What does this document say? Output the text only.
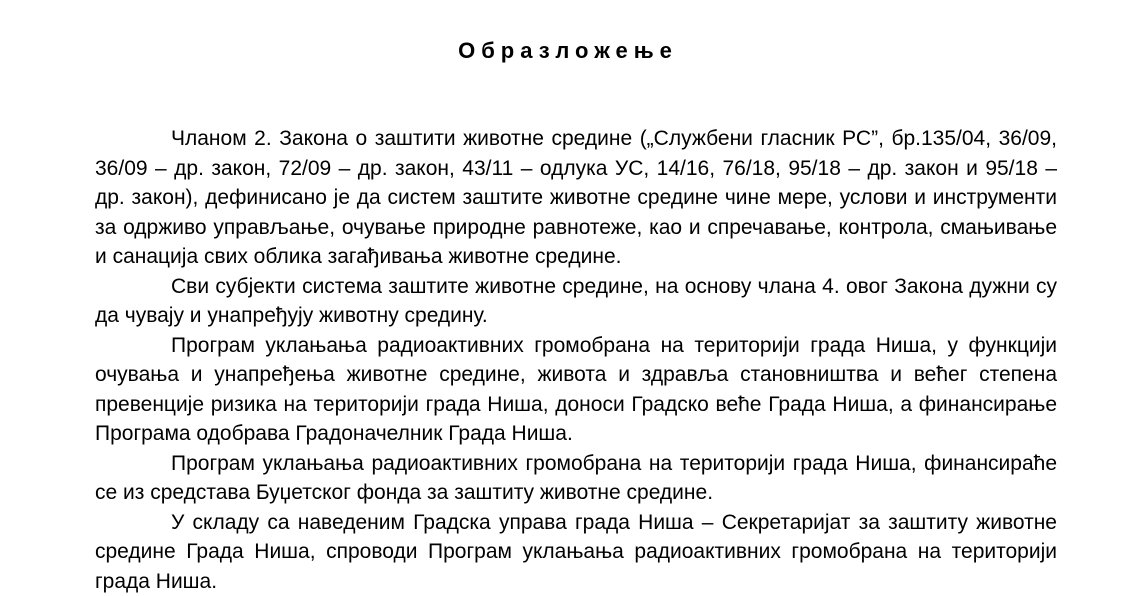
Образложење

Чланом 2. Закона о заштити животне средине („Службени гласник РС”, бр.135/04, 36/09, 36/09 – др. закон, 72/09 – др. закон, 43/11 – одлука УС, 14/16, 76/18, 95/18 – др. закон и 95/18 – др. закон), дефинисано је да систем заштите животне средине чине мере, услови и инструменти за одрживо управљање, очување природне равнотеже, као и спречавање, контрола, смањивање и санација свих облика загађивања животне средине.

Сви субјекти система заштите животне средине, на основу члана 4. овог Закона дужни су да чувају и унапређују животну средину.

Програм уклањања радиоактивних громобрана на територији града Ниша, у функцији очувања и унапређења животне средине, живота и здравља становништва и већег степена превенције ризика на територији града Ниша, доноси Градско веће Града Ниша, а финансирање Програма одобрава Градоначелник Града Ниша.

Програм уклањања радиоактивних громобрана на територији града Ниша, финансираће се из средстава Буџетског фонда за заштиту животне средине.

У складу са наведеним Градска управа града Ниша – Секретаријат за заштиту животне средине Града Ниша, спроводи Програм уклањања радиоактивних громобрана на територији града Ниша.
